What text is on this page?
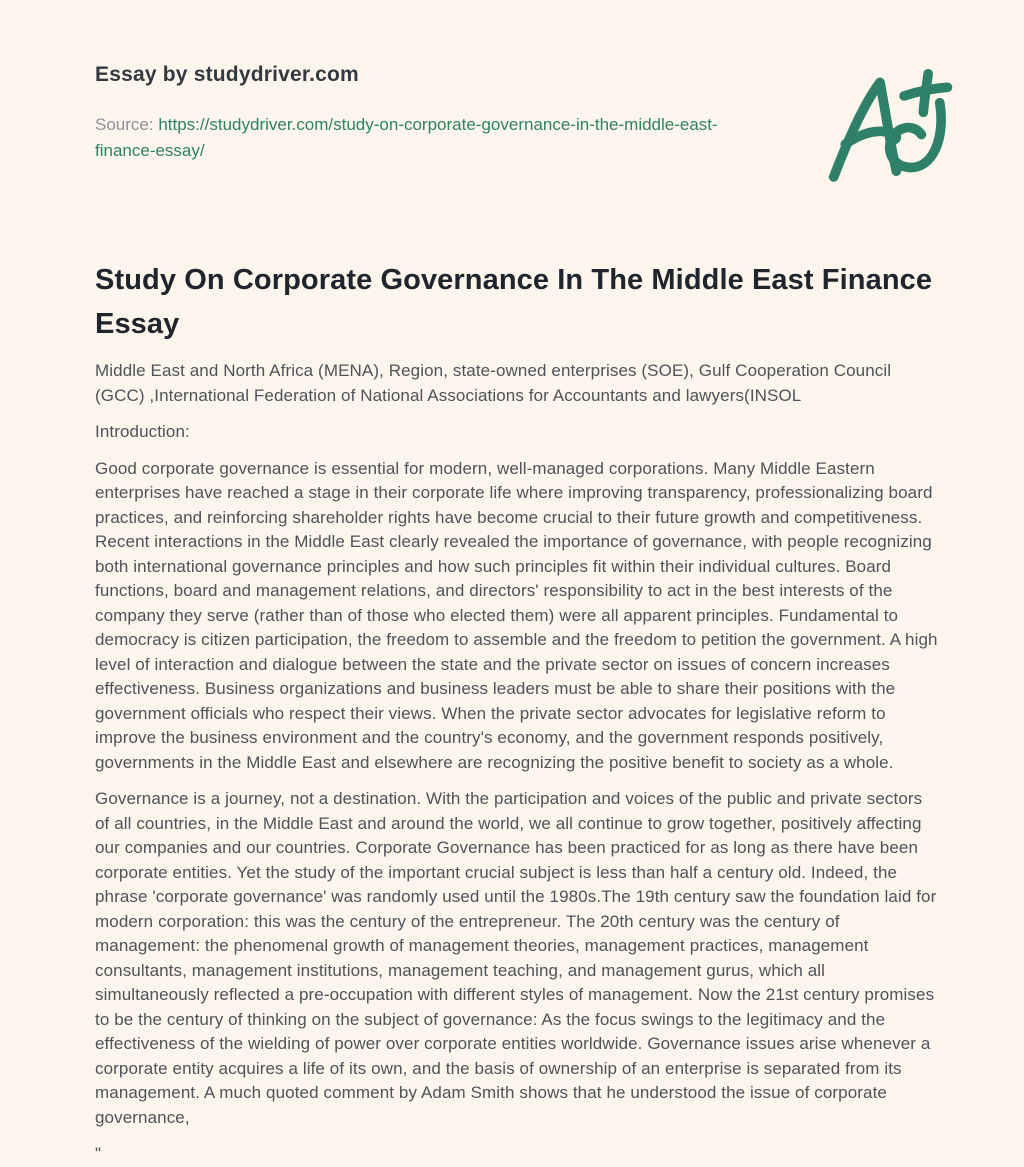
Essay by studydriver.com

Source: https://studydriver.com/study-on-corporate-governance-in-the-middle-east-finance-essay/

Study On Corporate Governance In The Middle East Finance Essay

Middle East and North Africa (MENA), Region, state-owned enterprises (SOE), Gulf Cooperation Council (GCC) ,International Federation of National Associations for Accountants and lawyers(INSOL

Introduction:

Good corporate governance is essential for modern, well-managed corporations. Many Middle Eastern enterprises have reached a stage in their corporate life where improving transparency, professionalizing board practices, and reinforcing shareholder rights have become crucial to their future growth and competitiveness. Recent interactions in the Middle East clearly revealed the importance of governance, with people recognizing both international governance principles and how such principles fit within their individual cultures. Board functions, board and management relations, and directors' responsibility to act in the best interests of the company they serve (rather than of those who elected them) were all apparent principles. Fundamental to democracy is citizen participation, the freedom to assemble and the freedom to petition the government. A high level of interaction and dialogue between the state and the private sector on issues of concern increases effectiveness. Business organizations and business leaders must be able to share their positions with the government officials who respect their views. When the private sector advocates for legislative reform to improve the business environment and the country's economy, and the government responds positively, governments in the Middle East and elsewhere are recognizing the positive benefit to society as a whole.

Governance is a journey, not a destination. With the participation and voices of the public and private sectors of all countries, in the Middle East and around the world, we all continue to grow together, positively affecting our companies and our countries. Corporate Governance has been practiced for as long as there have been corporate entities. Yet the study of the important crucial subject is less than half a century old. Indeed, the phrase 'corporate governance' was randomly used until the 1980s.The 19th century saw the foundation laid for modern corporation: this was the century of the entrepreneur. The 20th century was the century of management: the phenomenal growth of management theories, management practices, management consultants, management institutions, management teaching, and management gurus, which all simultaneously reflected a pre-occupation with different styles of management. Now the 21st century promises to be the century of thinking on the subject of governance: As the focus swings to the legitimacy and the effectiveness of the wielding of power over corporate entities worldwide. Governance issues arise whenever a corporate entity acquires a life of its own, and the basis of ownership of an enterprise is separated from its management. A much quoted comment by Adam Smith shows that he understood the issue of corporate governance,

"
